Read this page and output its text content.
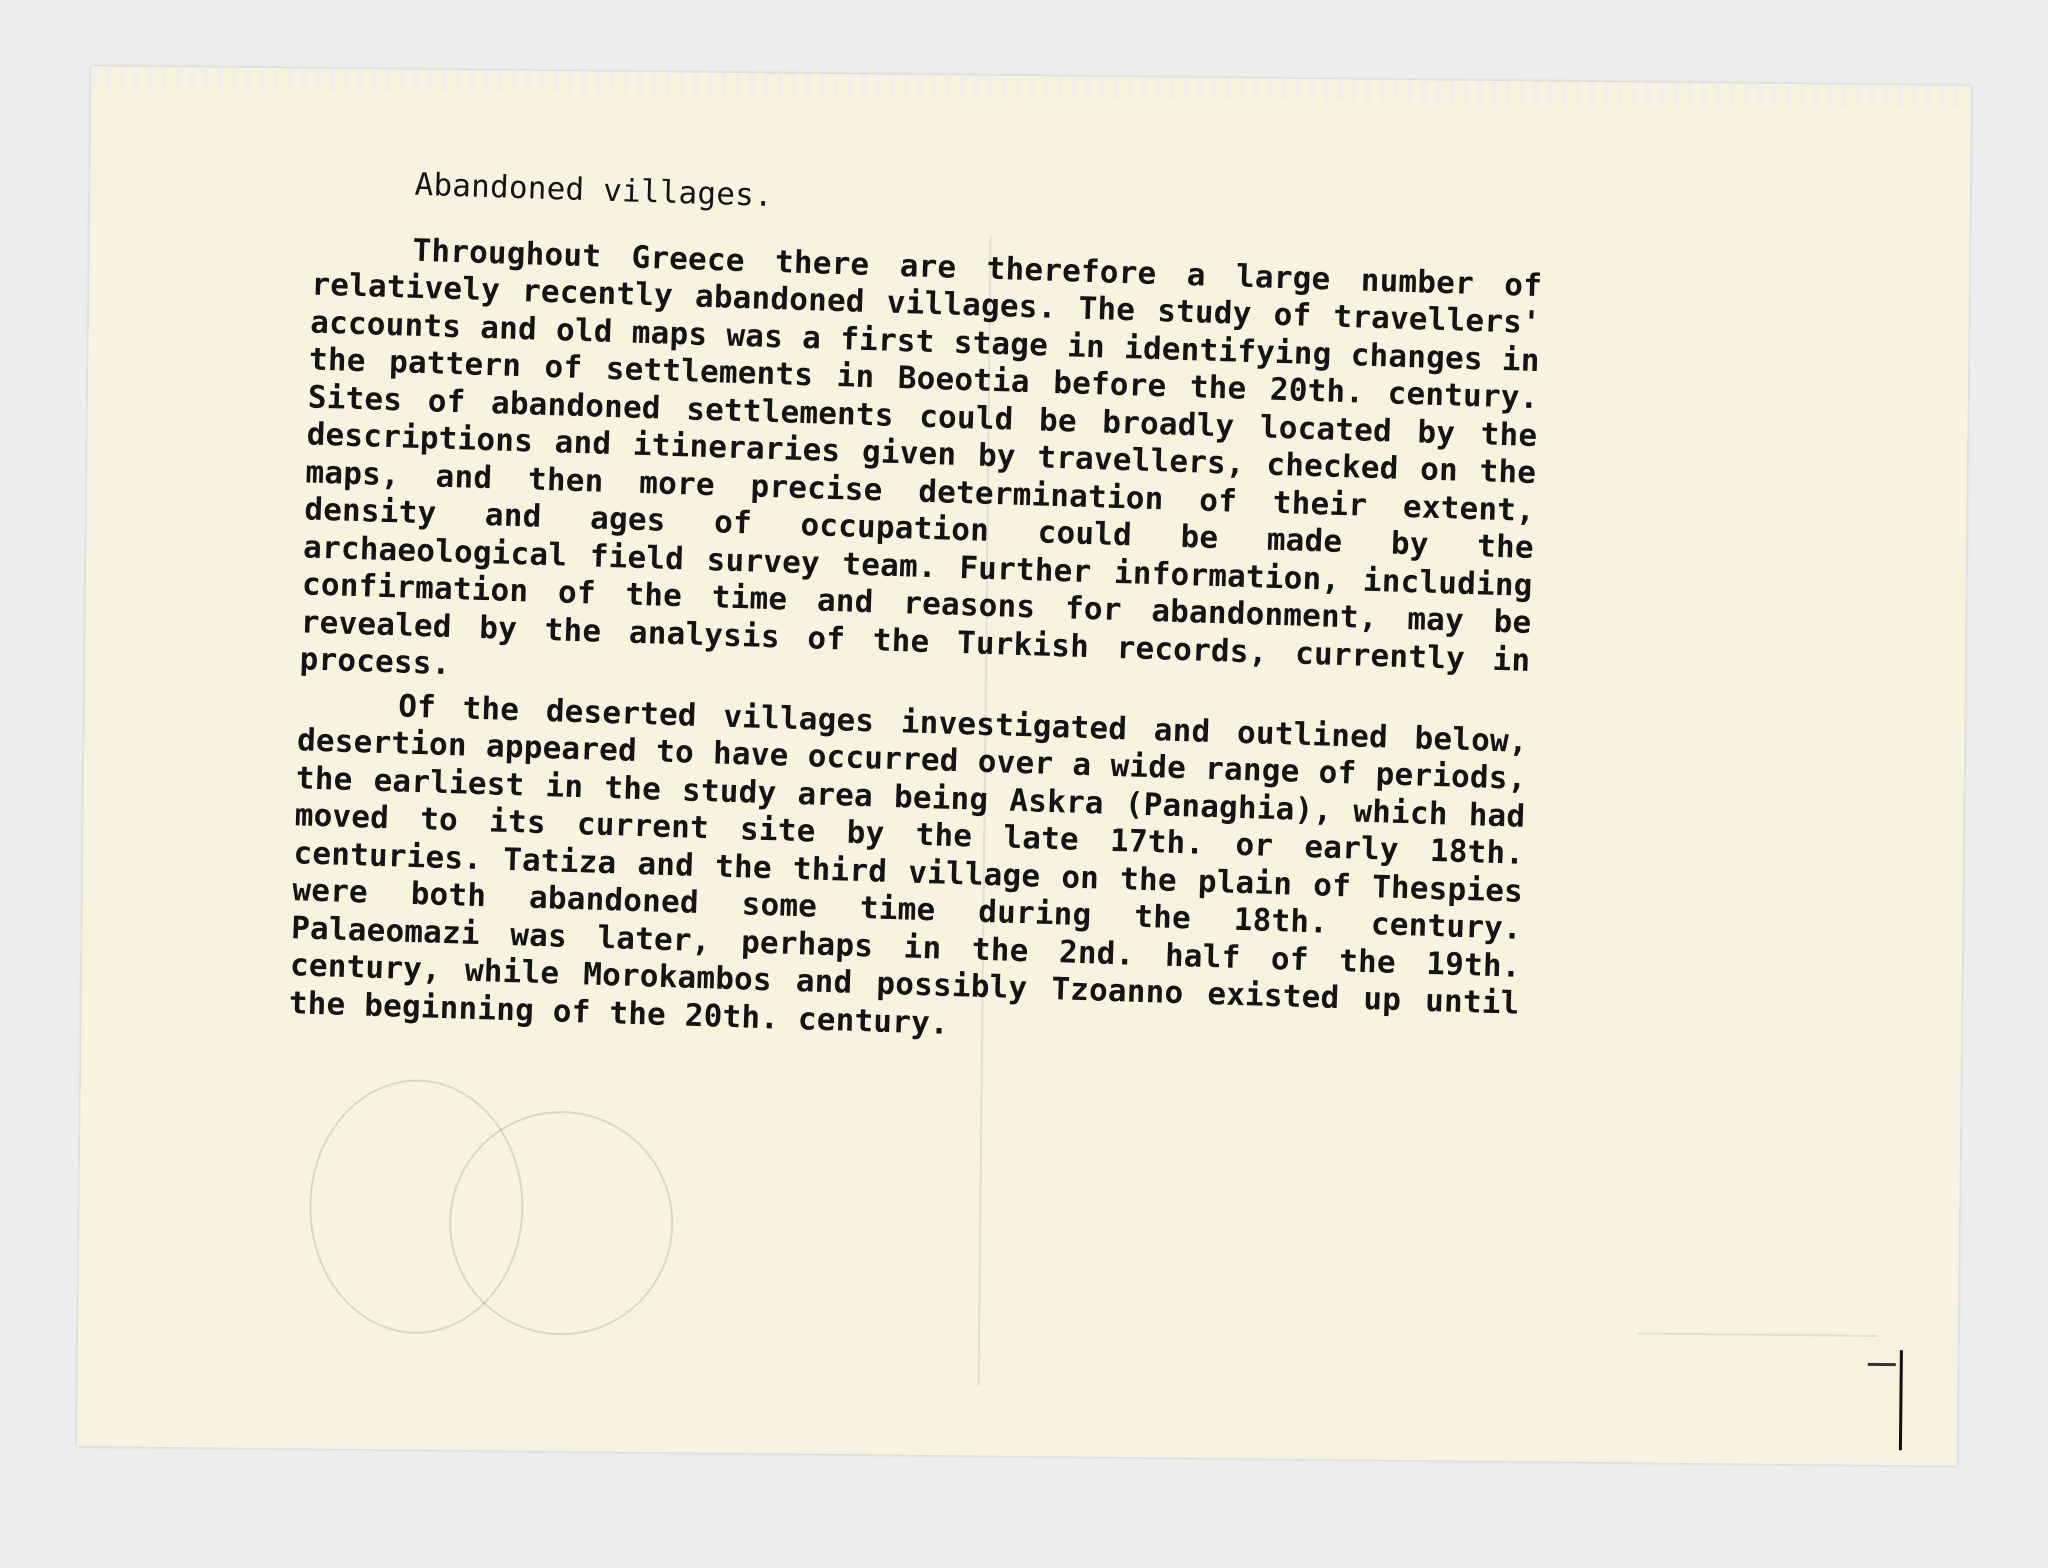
Abandoned villages.

Throughout Greece there are therefore a large number of relatively recently abandoned villages. The study of travellers' accounts and old maps was a first stage in identifying changes in the pattern of settlements in Boeotia before the 20th. century. Sites of abandoned settlements could be broadly located by the descriptions and itineraries given by travellers, checked on the maps, and then more precise determination of their extent, density and ages of occupation could be made by the archaeological field survey team. Further information, including confirmation of the time and reasons for abandonment, may be revealed by the analysis of the Turkish records, currently in process.

Of the deserted villages investigated and outlined below, desertion appeared to have occurred over a wide range of periods, the earliest in the study area being Askra (Panaghia), which had moved to its current site by the late 17th. or early 18th. centuries. Tatiza and the third village on the plain of Thespies were both abandoned some time during the 18th. century. Palaeomazi was later, perhaps in the 2nd. half of the 19th. century, while Morokambos and possibly Tzoanno existed up until the beginning of the 20th. century.
